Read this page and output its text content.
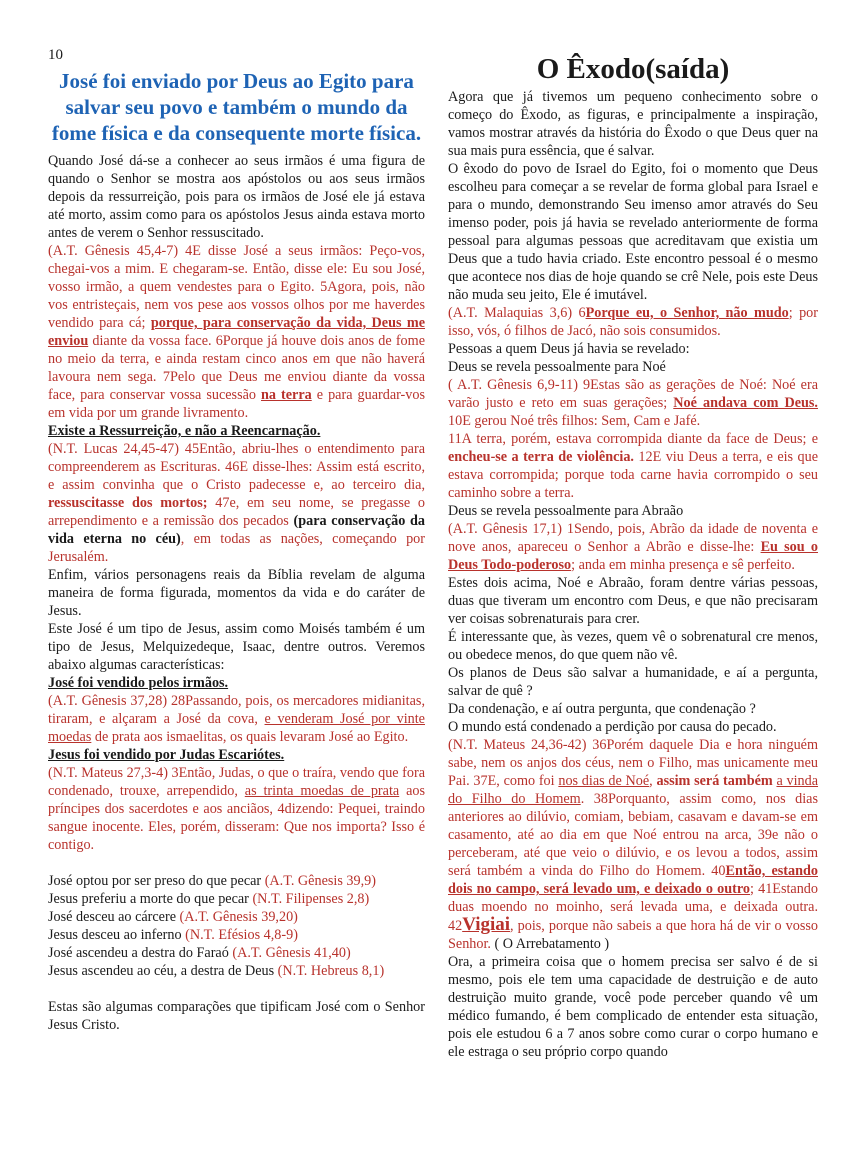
10
José foi enviado por Deus ao Egito para salvar seu povo e também o mundo da fome física e da consequente morte física.

Quando José dá-se a conhecer ao seus irmãos é uma figura de quando o Senhor se mostra aos apóstolos ou aos seus irmãos depois da ressurreição, pois para os irmãos de José ele já estava até morto, assim como para os apóstolos Jesus ainda estava morto antes de verem o Senhor ressuscitado.

(A.T. Gênesis 45,4-7) 4E disse José a seus irmãos: Peço-vos, chegai-vos a mim. E chegaram-se. Então, disse ele: Eu sou José, vosso irmão, a quem vendestes para o Egito. 5Agora, pois, não vos entristeçais, nem vos pese aos vossos olhos por me haverdes vendido para cá; porque, para conservação da vida, Deus me enviou diante da vossa face. 6Porque já houve dois anos de fome no meio da terra, e ainda restam cinco anos em que não haverá lavoura nem sega. 7Pelo que Deus me enviou diante da vossa face, para conservar vossa sucessão na terra e para guardar-vos em vida por um grande livramento.

Existe a Ressurreição, e não a Reencarnação.

(N.T. Lucas 24,45-47) 45Então, abriu-lhes o entendimento para compreenderem as Escrituras. 46E disse-lhes: Assim está escrito, e assim convinha que o Cristo padecesse e, ao terceiro dia, ressuscitasse dos mortos; 47e, em seu nome, se pregasse o arrependimento e a remissão dos pecados (para conservação da vida eterna no céu), em todas as nações, começando por Jerusalém.

Enfim, vários personagens reais da Bíblia revelam de alguma maneira de forma figurada, momentos da vida e do caráter de Jesus.

Este José é um tipo de Jesus, assim como Moisés também é um tipo de Jesus, Melquizedeque, Isaac, dentre outros. Veremos abaixo algumas características:

José foi vendido pelos irmãos.

(A.T. Gênesis 37,28) 28Passando, pois, os mercadores midianitas, tiraram, e alçaram a José da cova, e venderam José por vinte moedas de prata aos ismaelitas, os quais levaram José ao Egito.

Jesus foi vendido por Judas Escariótes.

(N.T. Mateus 27,3-4) 3Então, Judas, o que o traíra, vendo que fora condenado, trouxe, arrependido, as trinta moedas de prata aos príncipes dos sacerdotes e aos anciãos, 4dizendo: Pequei, traindo sangue inocente. Eles, porém, disseram: Que nos importa? Isso é contigo.

José optou por ser preso do que pecar (A.T. Gênesis 39,9)

Jesus preferiu a morte do que pecar (N.T. Filipenses 2,8)

José desceu ao cárcere (A.T. Gênesis 39,20)

Jesus desceu ao inferno (N.T. Efésios 4,8-9)

José ascendeu a destra do Faraó (A.T. Gênesis 41,40)

Jesus ascendeu ao céu, a destra de Deus (N.T. Hebreus 8,1)

Estas são algumas comparações que tipificam José com o Senhor Jesus Cristo.

O Êxodo(saída)

Agora que já tivemos um pequeno conhecimento sobre o começo do Êxodo, as figuras, e principalmente a inspiração, vamos mostrar através da história do Êxodo o que Deus quer na sua mais pura essência, que é salvar.

O êxodo do povo de Israel do Egito, foi o momento que Deus escolheu para começar a se revelar de forma global para Israel e para o mundo, demonstrando Seu imenso amor através do Seu imenso poder, pois já havia se revelado anteriormente de forma pessoal para algumas pessoas que acreditavam que existia um Deus que a tudo havia criado. Este encontro pessoal é o mesmo que acontece nos dias de hoje quando se crê Nele, pois este Deus não muda seu jeito, Ele é imutável.

(A.T. Malaquias 3,6) 6Porque eu, o Senhor, não mudo; por isso, vós, ó filhos de Jacó, não sois consumidos.

Pessoas a quem Deus já havia se revelado:

Deus se revela pessoalmente para Noé

( A.T. Gênesis 6,9-11) 9Estas são as gerações de Noé: Noé era varão justo e reto em suas gerações; Noé andava com Deus. 10E gerou Noé três filhos: Sem, Cam e Jafé.

11A terra, porém, estava corrompida diante da face de Deus; e encheu-se a terra de violência. 12E viu Deus a terra, e eis que estava corrompida; porque toda carne havia corrompido o seu caminho sobre a terra.

Deus se revela pessoalmente para Abraão

(A.T. Gênesis 17,1) 1Sendo, pois, Abrão da idade de noventa e nove anos, apareceu o Senhor a Abrão e disse-lhe: Eu sou o Deus Todo-poderoso; anda em minha presença e sê perfeito.

Estes dois acima, Noé e Abraão, foram dentre várias pessoas, duas que tiveram um encontro com Deus, e que não precisaram ver coisas sobrenaturais para crer.

É interessante que, às vezes, quem vê o sobrenatural cre menos, ou obedece menos, do que quem não vê.

Os planos de Deus são salvar a humanidade, e aí a pergunta, salvar de quê ?

Da condenação, e aí outra pergunta, que condenação ?

O mundo está condenado a perdição por causa do pecado.

(N.T. Mateus 24,36-42) 36Porém daquele Dia e hora ninguém sabe, nem os anjos dos céus, nem o Filho, mas unicamente meu Pai. 37E, como foi nos dias de Noé, assim será também a vinda do Filho do Homem. 38Porquanto, assim como, nos dias anteriores ao dilúvio, comiam, bebiam, casavam e davam-se em casamento, até ao dia em que Noé entrou na arca, 39e não o perceberam, até que veio o dilúvio, e os levou a todos, assim será também a vinda do Filho do Homem. 40Então, estando dois no campo, será levado um, e deixado o outro; 41Estando duas moendo no moinho, será levada uma, e deixada outra. 42Vigiai, pois, porque não sabeis a que hora há de vir o vosso Senhor. ( O Arrebatamento )

Ora, a primeira coisa que o homem precisa ser salvo é de si mesmo, pois ele tem uma capacidade de destruição e de auto destruição muito grande, você pode perceber quando vê um médico fumando, é bem complicado de entender esta situação, pois ele estudou 6 a 7 anos sobre como curar o corpo humano e ele estraga o seu próprio corpo quando
